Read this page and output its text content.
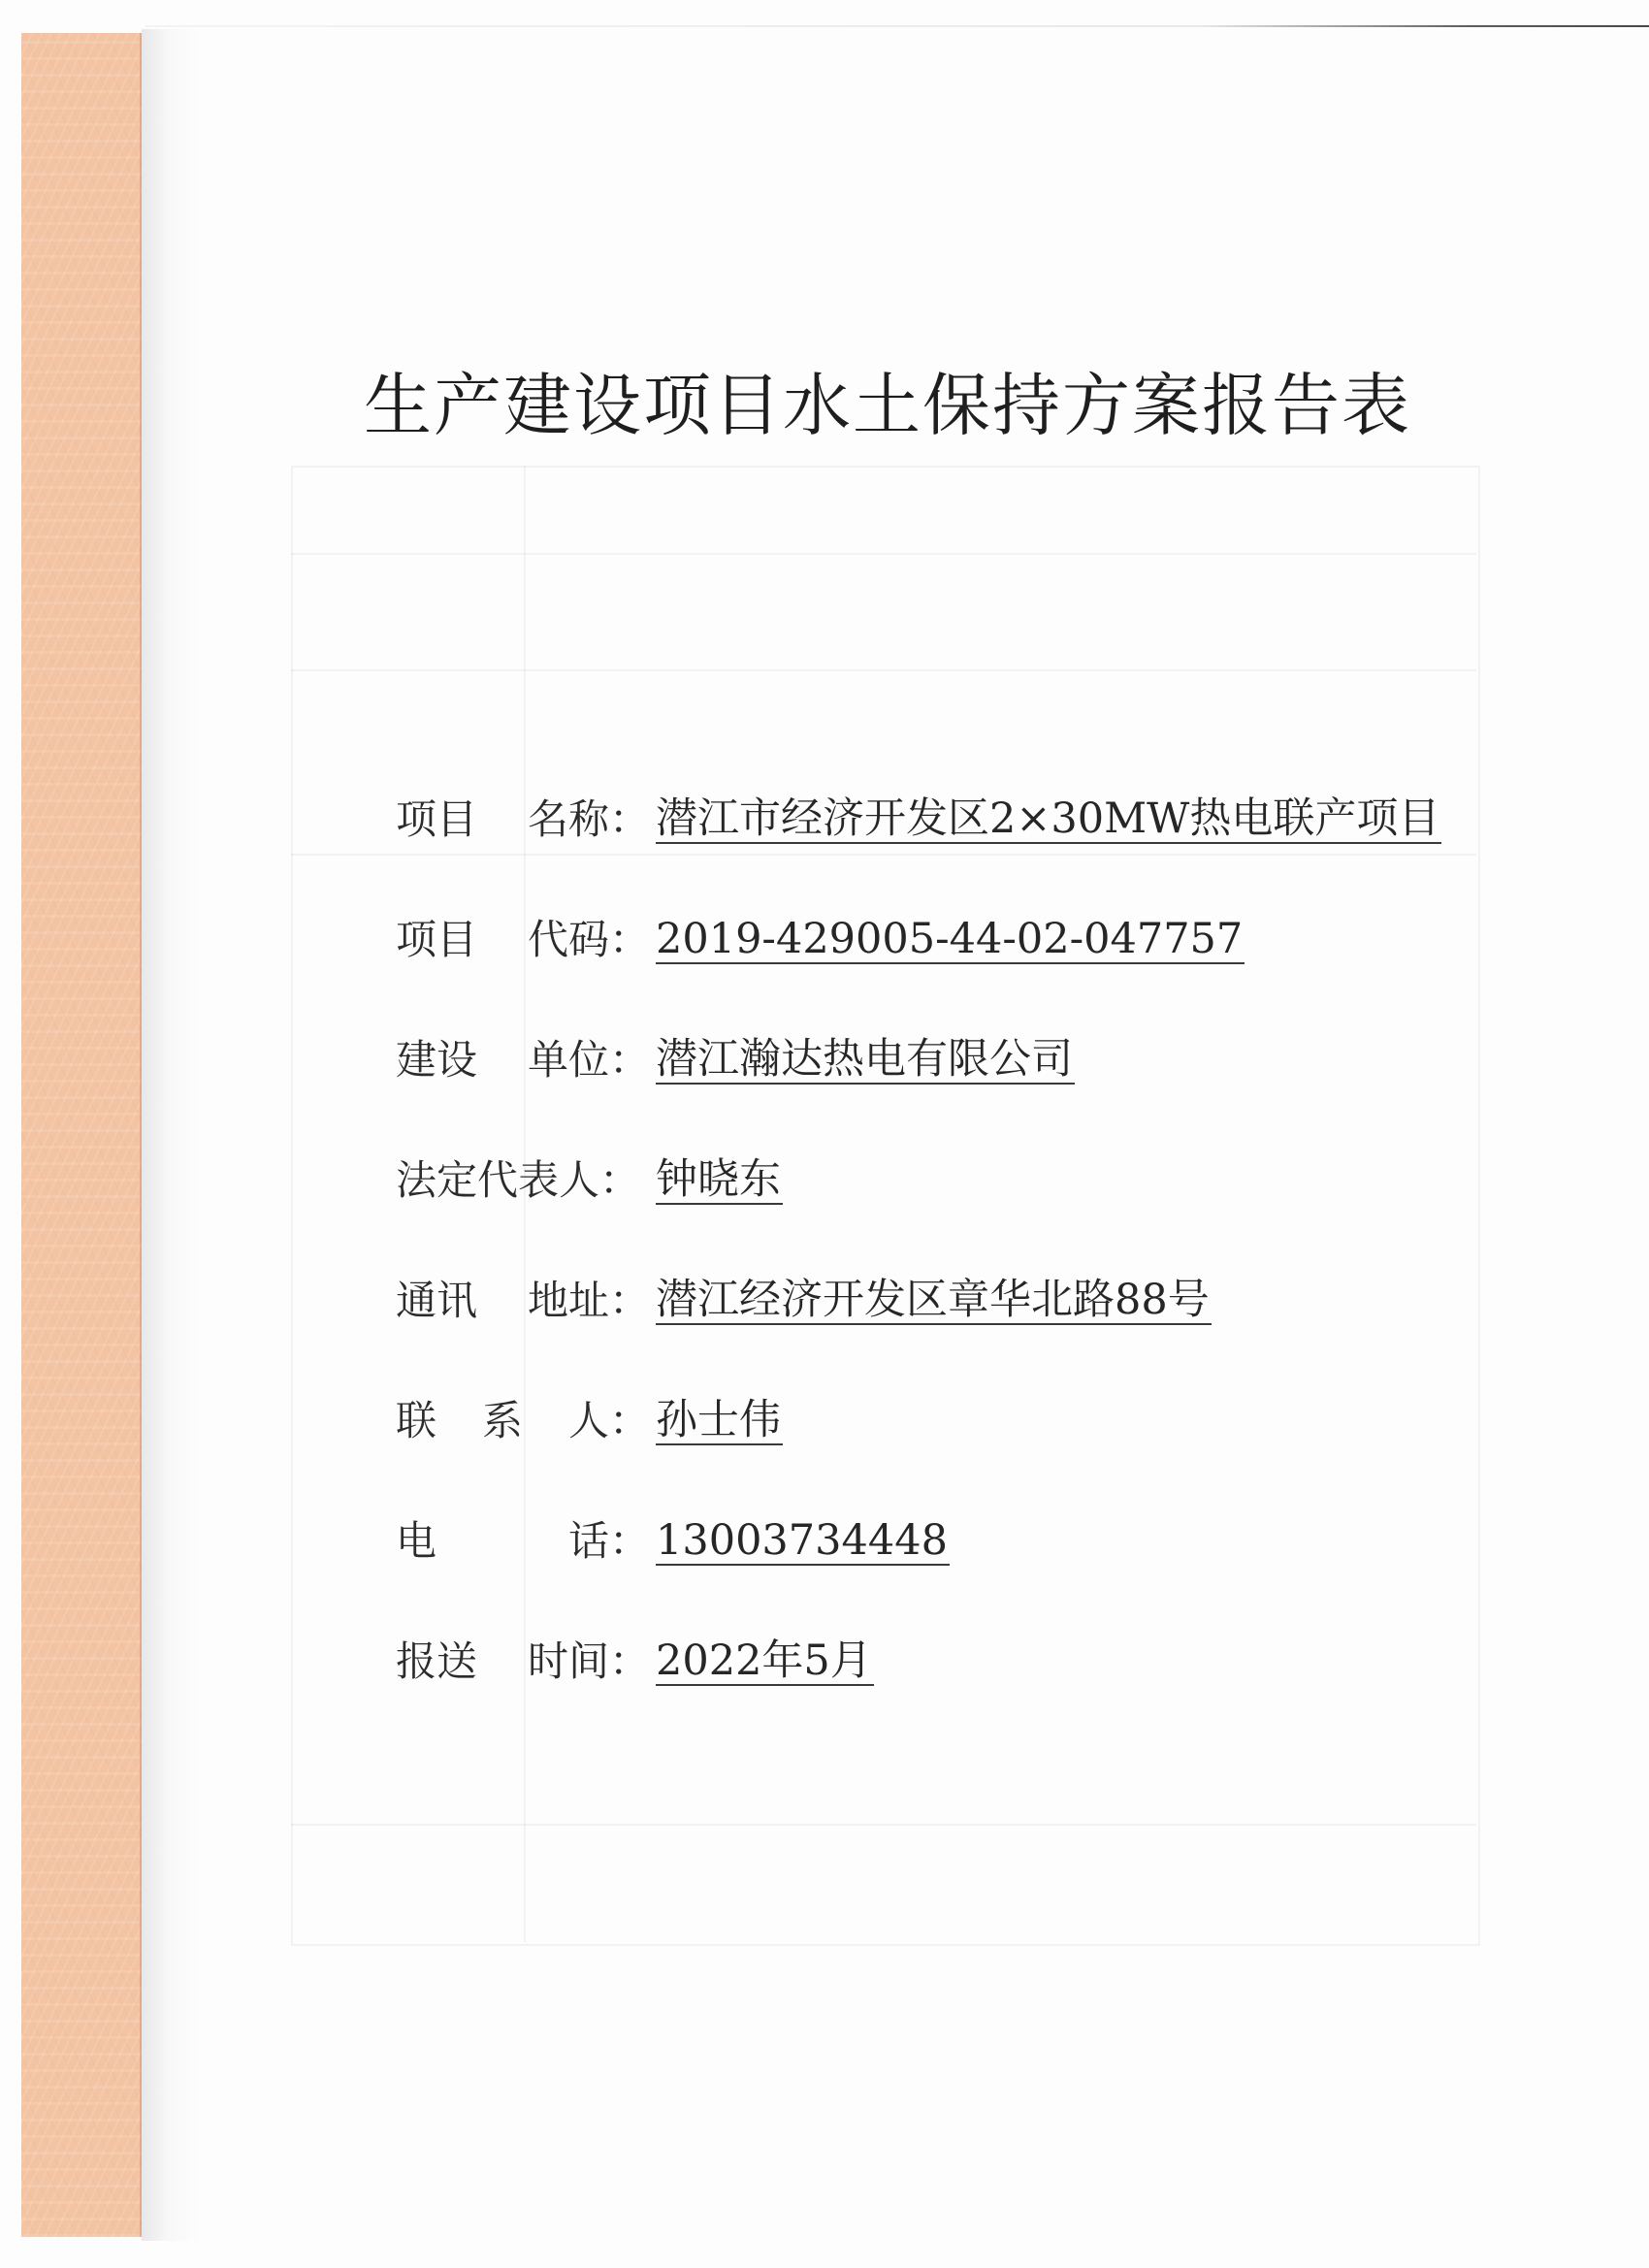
生产建设项目水土保持方案报告表
项目 名称： 潜江市经济开发区2×30MW热电联产项目
项目 代码： 2019-429005-44-02-047757
建设 单位： 潜江瀚达热电有限公司
法定代表人： 钟晓东
通讯 地址： 潜江经济开发区章华北路88号
联 系 人： 孙士伟
电	话： 13003734448
报送 时间： 2022年5月
